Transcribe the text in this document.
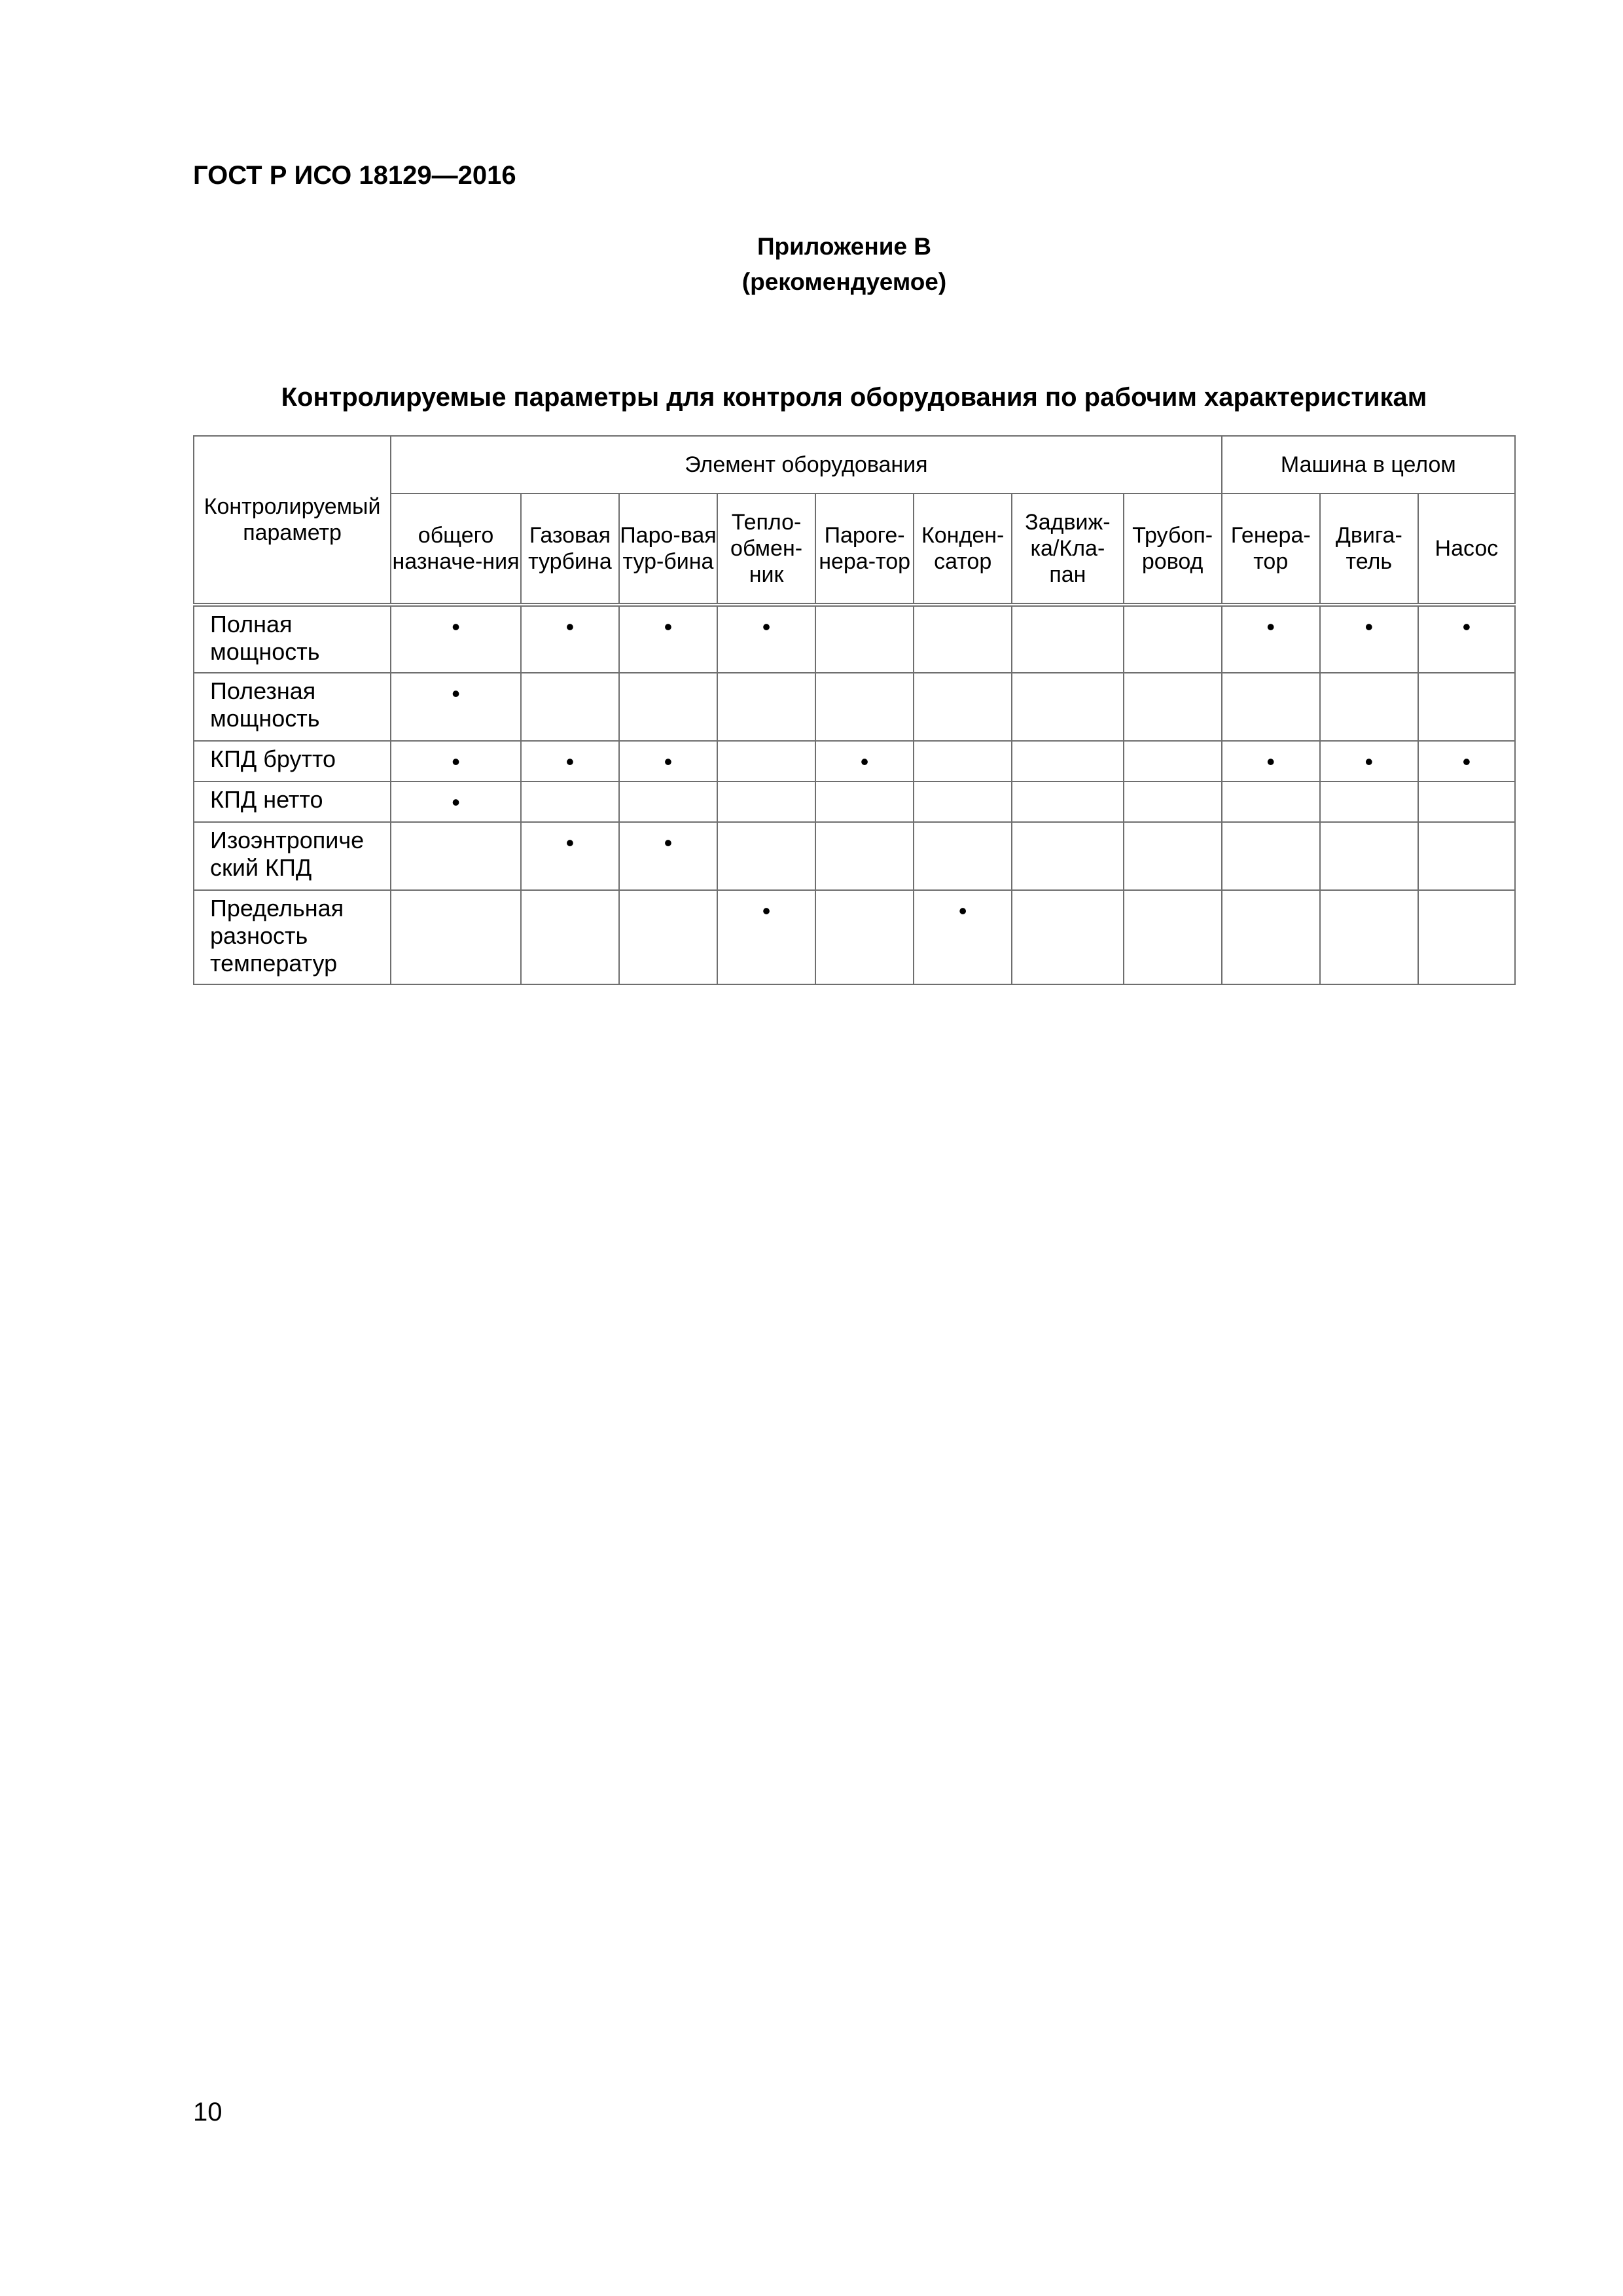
ГОСТ Р ИСО 18129—2016
Приложение В
(рекомендуемое)
Контролируемые параметры для контроля оборудования по рабочим характеристикам
Контролируемый параметр	Элемент оборудования								Машина в целом		
	общего назначе-ния	Газовая турбина	Паро-вая тур-бина	Тепло-обмен-ник	Пароге-нера-тор	Конден-сатор	Задвиж-ка/Кла-пан	Трубоп-ровод	Генера-тор	Двига-тель	Насос
Полная мощность	•	•	•	•					•	•	•
Полезная мощность	•										
КПД брутто	•	•	•		•				•	•	•
КПД нетто	•										
Изоэнтропиче ский КПД		•	•								
Предельная разность температур				•		•					
10
